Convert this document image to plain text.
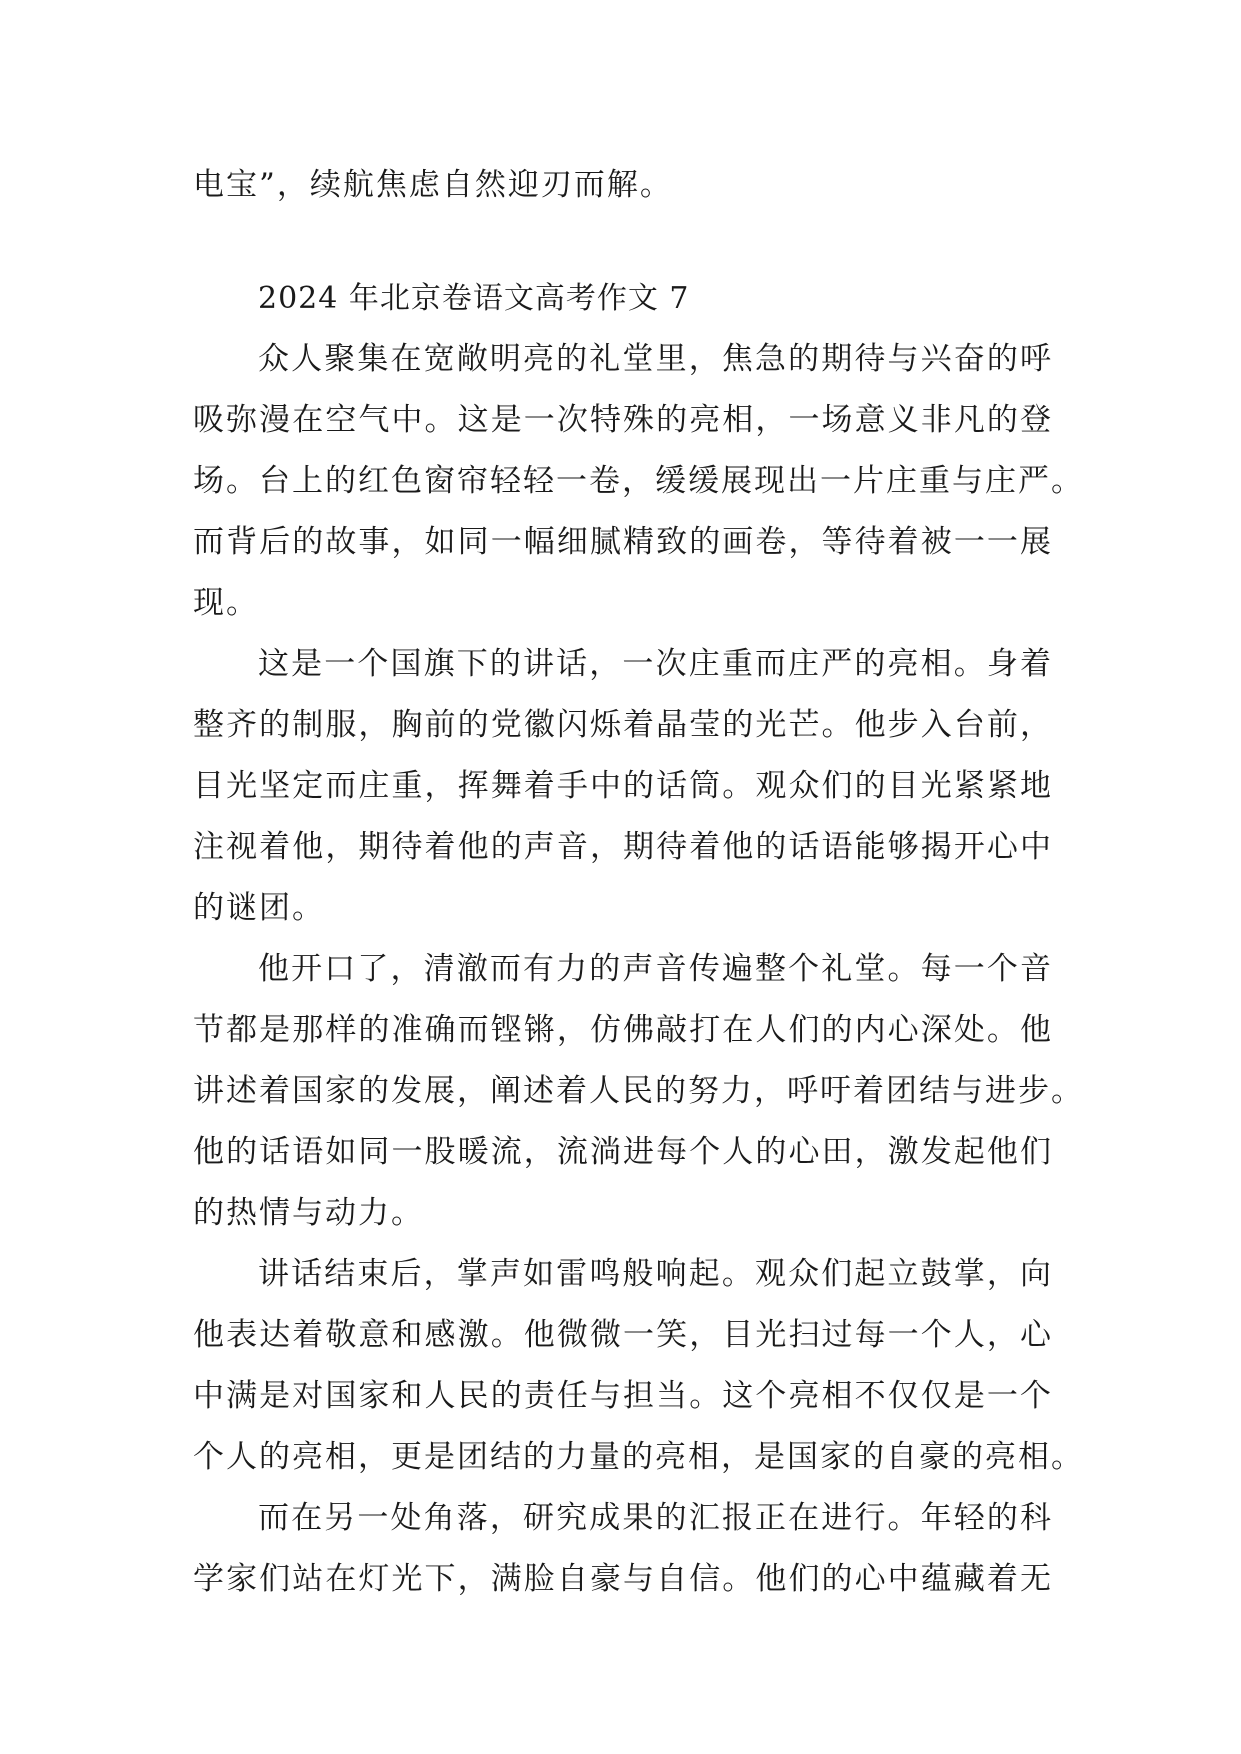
电宝”，续航焦虑自然迎刃而解。
2024 年北京卷语文高考作文 7
众人聚集在宽敞明亮的礼堂里，焦急的期待与兴奋的呼
吸弥漫在空气中。这是一次特殊的亮相，一场意义非凡的登
场。台上的红色窗帘轻轻一卷，缓缓展现出一片庄重与庄严。
而背后的故事，如同一幅细腻精致的画卷，等待着被一一展
现。
这是一个国旗下的讲话，一次庄重而庄严的亮相。身着
整齐的制服，胸前的党徽闪烁着晶莹的光芒。他步入台前，
目光坚定而庄重，挥舞着手中的话筒。观众们的目光紧紧地
注视着他，期待着他的声音，期待着他的话语能够揭开心中
的谜团。
他开口了，清澈而有力的声音传遍整个礼堂。每一个音
节都是那样的准确而铿锵，仿佛敲打在人们的内心深处。他
讲述着国家的发展，阐述着人民的努力，呼吁着团结与进步。
他的话语如同一股暖流，流淌进每个人的心田，激发起他们
的热情与动力。
讲话结束后，掌声如雷鸣般响起。观众们起立鼓掌，向
他表达着敬意和感激。他微微一笑，目光扫过每一个人，心
中满是对国家和人民的责任与担当。这个亮相不仅仅是一个
个人的亮相，更是团结的力量的亮相，是国家的自豪的亮相。
而在另一处角落，研究成果的汇报正在进行。年轻的科
学家们站在灯光下，满脸自豪与自信。他们的心中蕴藏着无
